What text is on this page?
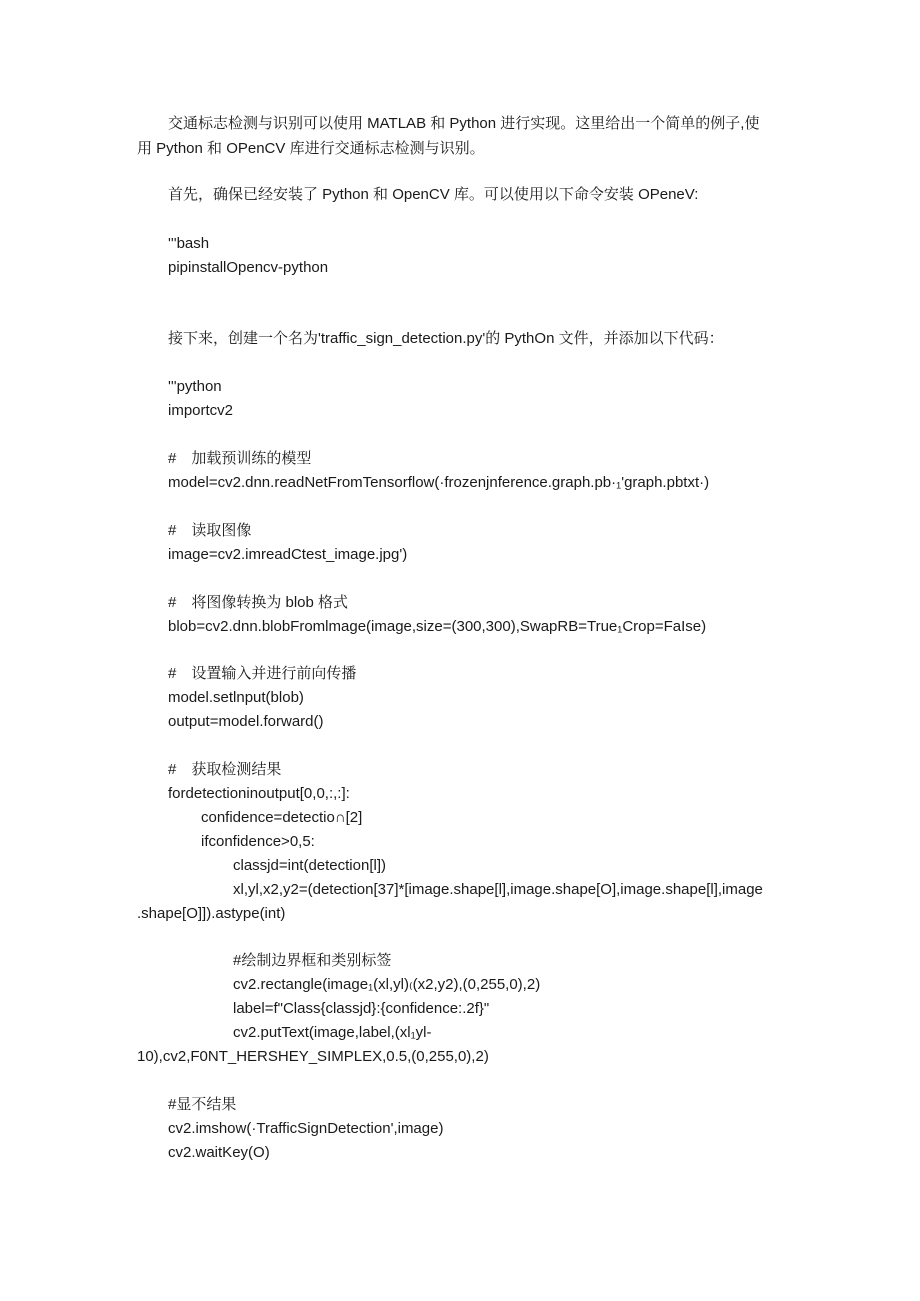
交通标志检测与识别可以使用 MATLAB 和 Python 进行实现。这里给出一个简单的例子,使
用 Python 和 OPenCV 库进行交通标志检测与识别。
首先，确保已经安装了 Python 和 OpenCV 库。可以使用以下命令安装 OPeneV:
'''bash
pipinstallOpencv-python
接下来，创建一个名为'traffic_sign_detection.py'的 PythOn 文件，并添加以下代码：
'''python
importcv2
#　加载预训练的模型
model=cv2.dnn.readNetFromTensorflow(·frozenjnference.graph.pb·₁'graph.pbtxt·)
#　读取图像
image=cv2.imreadCtest_image.jpg')
#　将图像转换为 blob 格式
blob=cv2.dnn.blobFromlmage(image,size=(300,300),SwapRB=True₁Crop=FaIse)
#　设置输入并进行前向传播
model.setlnput(blob)
output=model.forward()
#　获取检测结果
fordetectioninoutput[0,0,:,:]:
confidence=detectio∩[2]
ifconfidence>0,5:
classjd=int(detection[l])
xl,yl,x2,y2=(detection[37]*[image.shape[l],image.shape[O],image.shape[l],image
.shape[O]]).astype(int)
#绘制边界框和类别标签
cv2.rectangle(image₁(xl,yl)₍(x2,y2),(0,255,0),2)
label=f"Class{classjd}:{confidence:.2f}"
cv2.putText(image,label,(xl₁yl-
10),cv2,F0NT_HERSHEY_SIMPLEX,0.5,(0,255,0),2)
#显不结果
cv2.imshow(·TrafficSignDetection',image)
cv2.waitKey(O)
